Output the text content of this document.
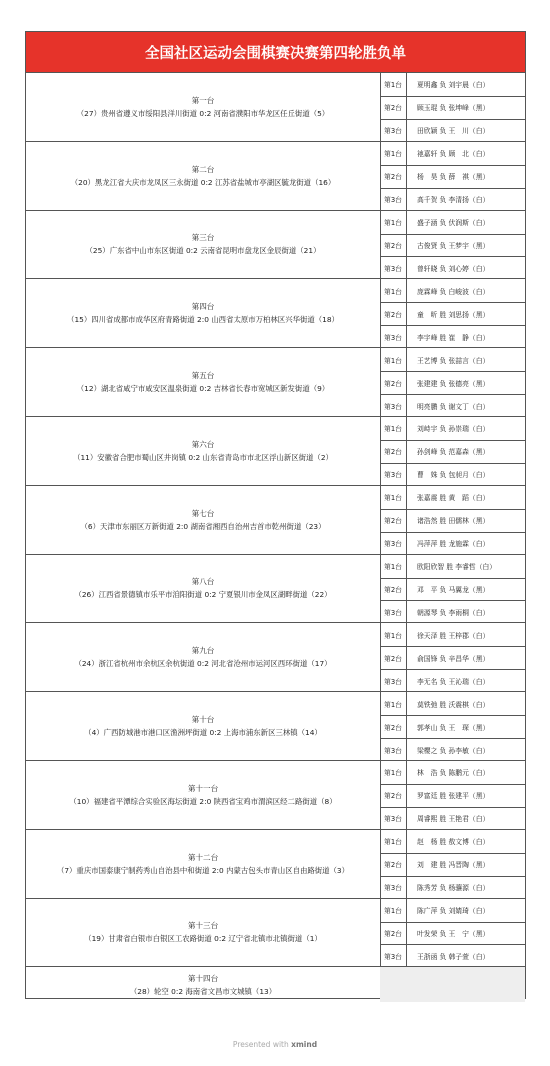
全国社区运动会围棋赛决赛第四轮胜负单
第一台
（27）贵州省遵义市绥阳县洋川街道 0:2 河南省濮阳市华龙区任丘街道（5）
第1台	夏明鑫 负 刘宇晨（白）
第2台	顾玉琨 负 张坤峰（黑）
第3台	田欣颖 负 王　川（白）
第二台
（20）黑龙江省大庆市龙凤区三永街道 0:2 江苏省盐城市亭湖区毓龙街道（16）
第1台	祂嘉轩 负 顾　北（白）
第2台	杨　昊 负 薛　祺（黑）
第3台	高千贺 负 李清扬（白）
第三台
（25）广东省中山市东区街道 0:2 云南省昆明市盘龙区金辰街道（21）
第1台	盛子涵 负 伏润斯（白）
第2台	古俊贤 负 王梦宇（黑）
第3台	曾轩晓 负 刘心婷（白）
第四台
（15）四川省成都市成华区府青路街道 2:0 山西省太原市万柏林区兴华街道（18）
第1台	庞霖峰 负 白峻波（白）
第2台	童　昕 胜 刘思扬（黑）
第3台	李宇峰 胜 崔　静（白）
第五台
（12）湖北省咸宁市咸安区温泉街道 0:2 吉林省长春市宽城区新发街道（9）
第1台	王艺博 负 张喆言（白）
第2台	张建建 负 张德亮（黑）
第3台	明亮鹏 负 谢文丁（白）
第六台
（11）安徽省合肥市蜀山区井岗镇 0:2 山东省青岛市市北区浮山新区街道（2）
第1台	刘峙宇 负 孙崇瑞（白）
第2台	孙剑峰 负 范嘉森（黑）
第3台	曹　姝 负 包昶月（白）
第七台
（6）天津市东丽区万新街道 2:0 湖南省湘西自治州吉首市乾州街道（23）
第1台	张嘉震 胜 黄　蹈（白）
第2台	诸浩然 胜 田儒林（黑）
第3台	冯萍萍 胜 龙施霖（白）
第八台
（26）江西省景德镇市乐平市洎阳街道 0:2 宁夏银川市金凤区湖畔街道（22）
第1台	欧阳欣智 胜 李睿哲（白）
第2台	邓　平 负 马翼龙（黑）
第3台	朝源琴 负 李雨桐（白）
第九台
（24）浙江省杭州市余杭区余杭街道 0:2 河北省沧州市运河区西环街道（17）
第1台	徐天泽 胜 王梓郡（白）
第2台	俞国锋 负 辛昌华（黑）
第3台	李无名 负 王沁瑞（白）
第十台
（4）广西防城港市港口区渔洲坪街道 0:2 上海市浦东新区三林镇（14）
第1台	莫铁弛 胜 沃震棋（白）
第2台	郭孝山 负 王　琛（黑）
第3台	梁樱之 负 孙李敏（白）
第十一台
（10）福建省平潭综合实验区海坛街道 2:0 陕西省宝鸡市渭滨区经二路街道（8）
第1台	林　浩 负 陈鹏元（白）
第2台	罗富廷 胜 张建平（黑）
第3台	周睿熙 胜 王艳君（白）
第十二台
（7）重庆市国泰康宁制药秀山自治县中和街道 2:0 内蒙古包头市青山区自由路街道（3）
第1台	赵　杨 胜 敖文博（白）
第2台	刘　建 胜 冯晋陶（黑）
第3台	陈秀芳 负 杨骧源（白）
第十三台
（19）甘肃省白银市白银区工农路街道 0:2 辽宁省北镇市北镇街道（1）
第1台	陈广萍 负 刘婧琦（白）
第2台	叶发荣 负 王　宁（黑）
第3台	王浙函 负 韩子萱（白）
第十四台
（28）轮空 0:2 海南省文昌市文城镇（13）
Presented with xmind
